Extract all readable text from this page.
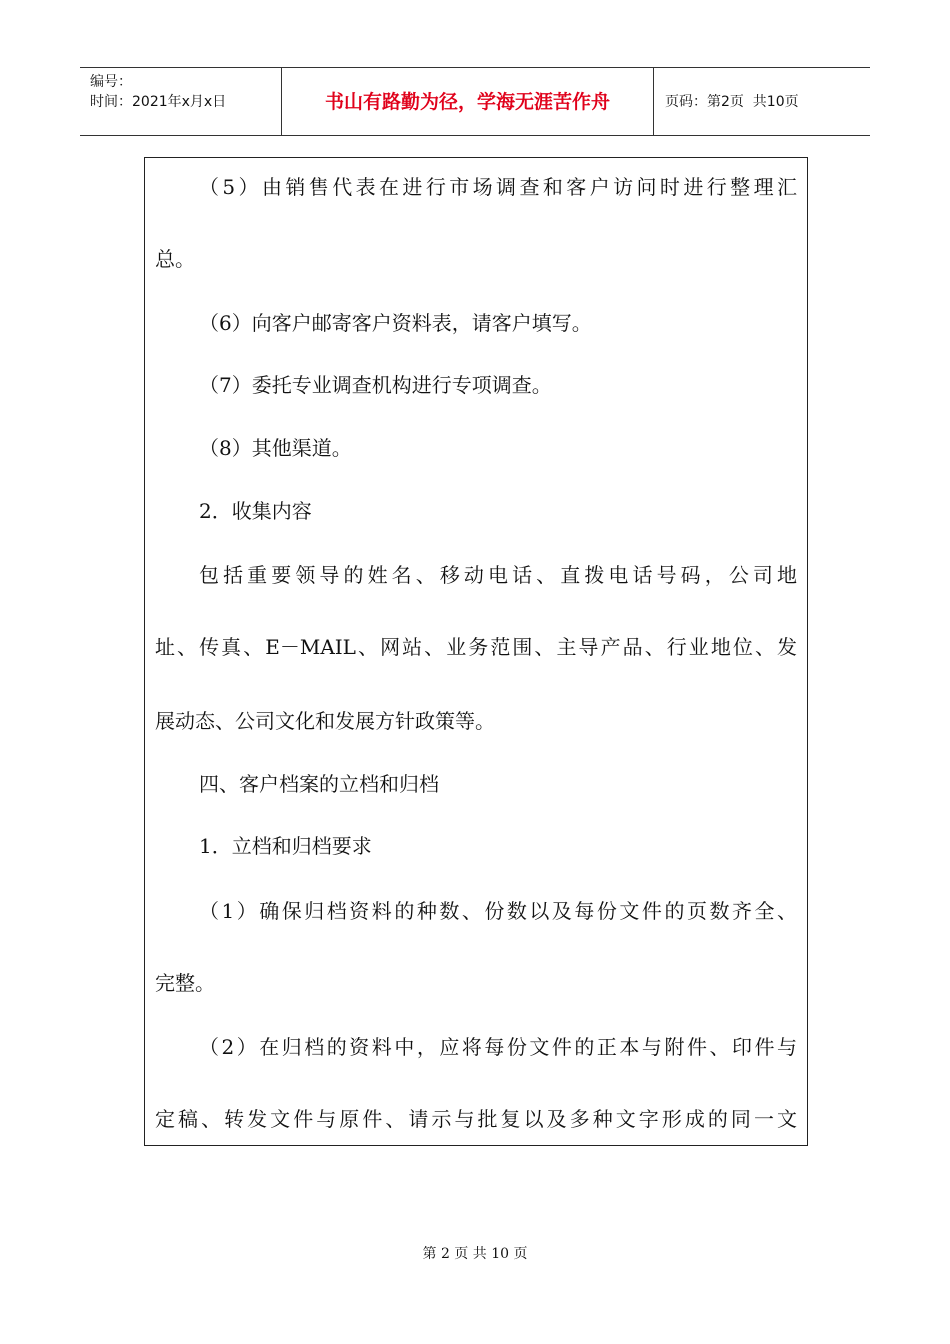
编号：
时间：2021年x月x日	书山有路勤为径，学海无涯苦作舟	页码：第2页  共10页
（5）由销售代表在进行市场调查和客户访问时进行整理汇
总。
（6）向客户邮寄客户资料表，请客户填写。
（7）委托专业调查机构进行专项调查。
（8）其他渠道。
2．收集内容
包括重要领导的姓名、移动电话、直拨电话号码，公司地
址、传真、E－MAIL、网站、业务范围、主导产品、行业地位、发
展动态、公司文化和发展方针政策等。
四、客户档案的立档和归档
1．立档和归档要求
（1）确保归档资料的种数、份数以及每份文件的页数齐全、
完整。
（2）在归档的资料中，应将每份文件的正本与附件、印件与
定稿、转发文件与原件、请示与批复以及多种文字形成的同一文
第 2 页 共 10 页
